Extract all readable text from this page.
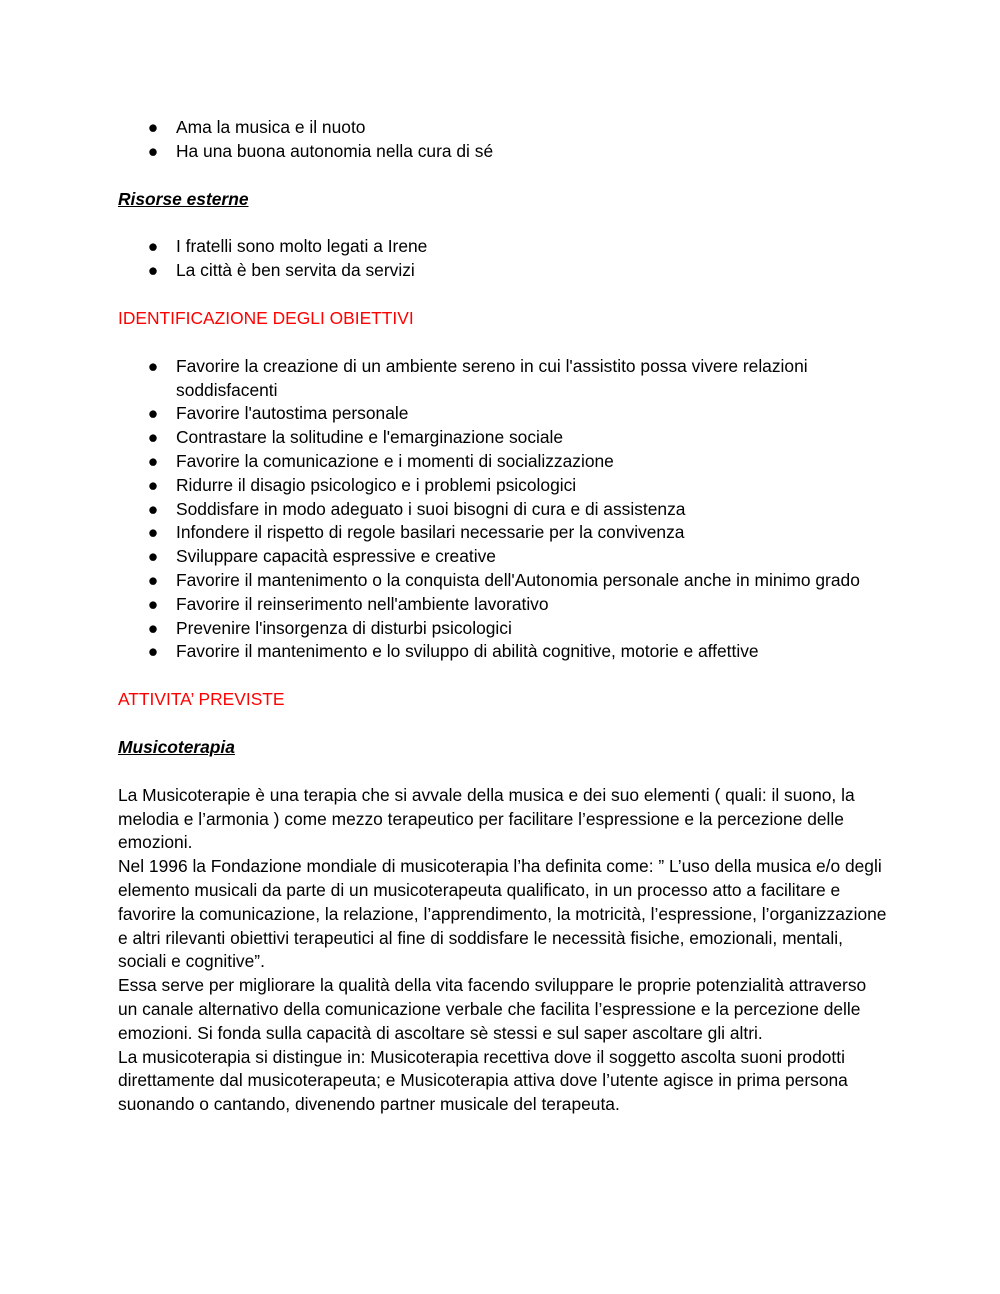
● Ama la musica e il nuoto
● Ha una buona autonomia nella cura di sé
Risorse esterne
● I fratelli sono molto legati a Irene
● La città è ben servita da servizi
IDENTIFICAZIONE DEGLI OBIETTIVI
● Favorire la creazione di un ambiente sereno in cui l'assistito possa vivere relazioni soddisfacenti
● Favorire l'autostima personale
● Contrastare la solitudine e l'emarginazione sociale
● Favorire la comunicazione e i momenti di socializzazione
● Ridurre il disagio psicologico e i problemi psicologici
● Soddisfare in modo adeguato i suoi bisogni di cura e di assistenza
● Infondere il rispetto di regole basilari necessarie per la convivenza
● Sviluppare capacità espressive e creative
● Favorire il mantenimento o la conquista dell'Autonomia personale anche in minimo grado
● Favorire il reinserimento nell'ambiente lavorativo
● Prevenire l'insorgenza di disturbi psicologici
● Favorire il mantenimento e lo sviluppo di abilità cognitive, motorie e affettive
ATTIVITA’ PREVISTE
Musicoterapia

La Musicoterapie è una terapia che si avvale della musica e dei suo elementi ( quali: il suono, la melodia e l’armonia ) come mezzo terapeutico per facilitare l’espressione e la percezione delle emozioni.

Nel 1996 la Fondazione mondiale di musicoterapia l’ha definita come: ” L’uso della musica e/o degli elemento musicali da parte di un musicoterapeuta qualificato, in un processo atto a facilitare e favorire la comunicazione, la relazione, l’apprendimento, la motricità, l’espressione, l’organizzazione e altri rilevanti obiettivi terapeutici al fine di soddisfare le necessità fisiche, emozionali, mentali, sociali e cognitive”.

Essa serve per migliorare la qualità della vita facendo sviluppare le proprie potenzialità attraverso un canale alternativo della comunicazione verbale che facilita l’espressione e la percezione delle emozioni. Si fonda sulla capacità di ascoltare sè stessi e sul saper ascoltare gli altri.

La musicoterapia si distingue in: Musicoterapia recettiva dove il soggetto ascolta suoni prodotti direttamente dal musicoterapeuta; e Musicoterapia attiva dove l’utente agisce in prima persona suonando o cantando, divenendo partner musicale del terapeuta.
